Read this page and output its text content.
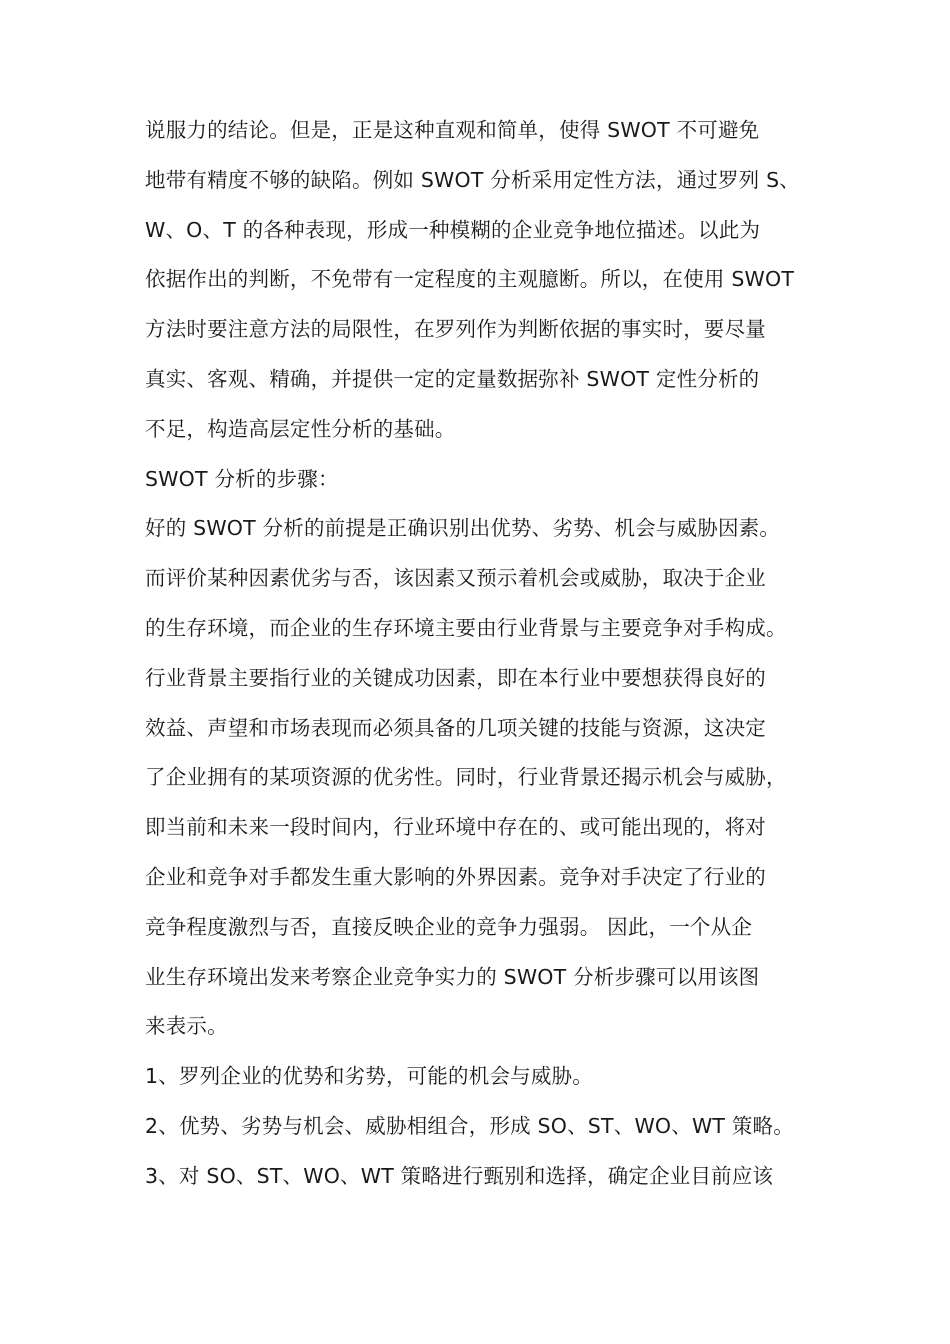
说服力的结论。但是，正是这种直观和简单，使得 SWOT 不可避免
地带有精度不够的缺陷。例如 SWOT 分析采用定性方法，通过罗列 S、
W、O、T 的各种表现，形成一种模糊的企业竞争地位描述。以此为
依据作出的判断，不免带有一定程度的主观臆断。所以，在使用 SWOT
方法时要注意方法的局限性，在罗列作为判断依据的事实时，要尽量
真实、客观、精确，并提供一定的定量数据弥补 SWOT 定性分析的
不足，构造高层定性分析的基础。
SWOT 分析的步骤：
好的 SWOT 分析的前提是正确识别出优势、劣势、机会与威胁因素。
而评价某种因素优劣与否，该因素又预示着机会或威胁，取决于企业
的生存环境，而企业的生存环境主要由行业背景与主要竞争对手构成。
行业背景主要指行业的关键成功因素，即在本行业中要想获得良好的
效益、声望和市场表现而必须具备的几项关键的技能与资源，这决定
了企业拥有的某项资源的优劣性。同时，行业背景还揭示机会与威胁，
即当前和未来一段时间内，行业环境中存在的、或可能出现的，将对
企业和竞争对手都发生重大影响的外界因素。竞争对手决定了行业的
竞争程度激烈与否，直接反映企业的竞争力强弱。 因此，一个从企
业生存环境出发来考察企业竞争实力的 SWOT 分析步骤可以用该图
来表示。
1、罗列企业的优势和劣势，可能的机会与威胁。
2、优势、劣势与机会、威胁相组合，形成 SO、ST、WO、WT 策略。
3、对 SO、ST、WO、WT 策略进行甄别和选择，确定企业目前应该
